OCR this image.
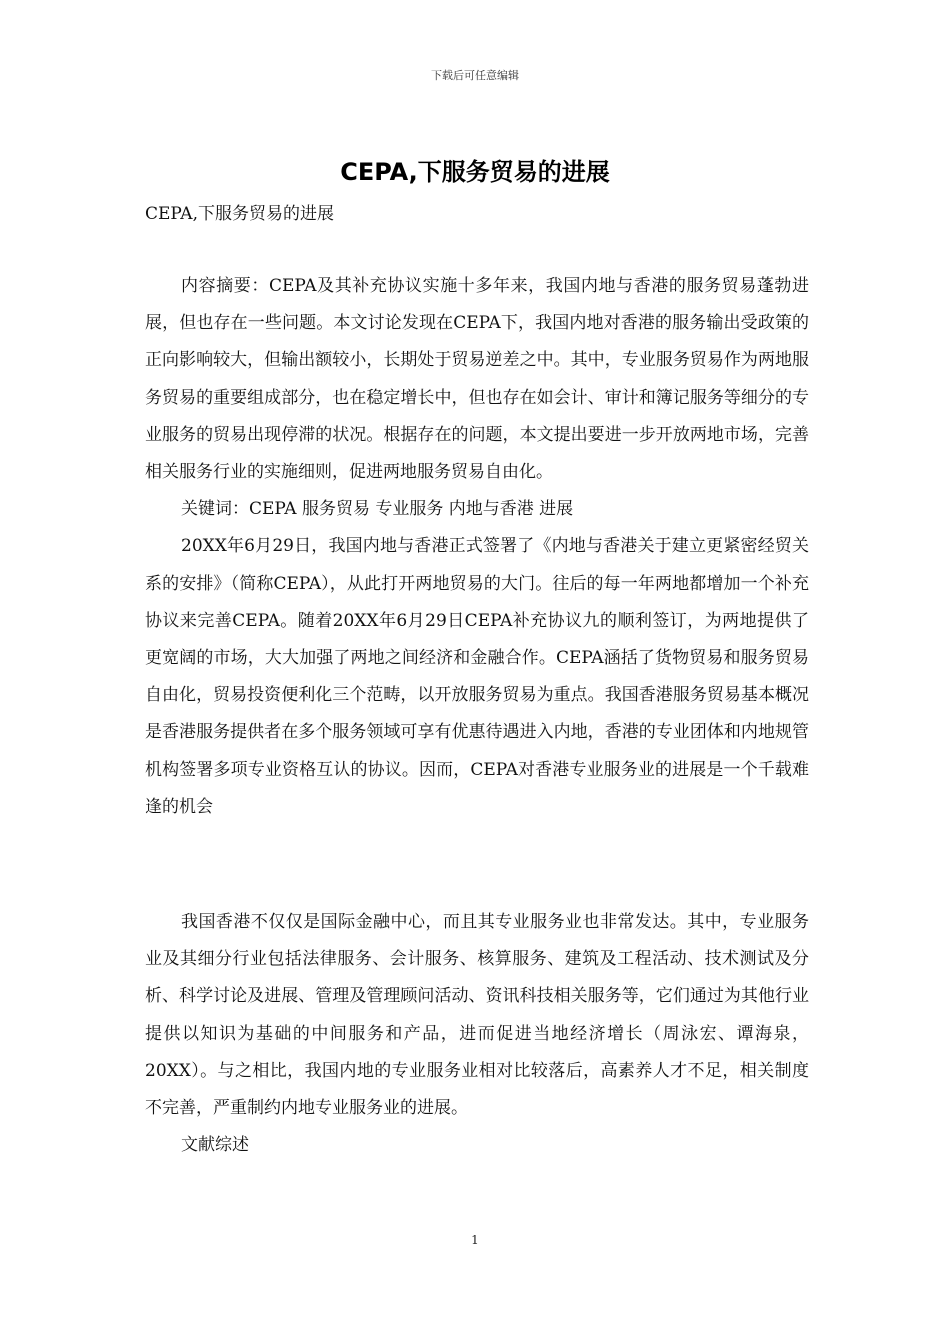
下载后可任意编辑
CEPA,下服务贸易的进展
CEPA,下服务贸易的进展

内容摘要：CEPA及其补充协议实施十多年来，我国内地与香港的服务贸易蓬勃进展，但也存在一些问题。本文讨论发现在CEPA下，我国内地对香港的服务输出受政策的正向影响较大，但输出额较小，长期处于贸易逆差之中。其中，专业服务贸易作为两地服务贸易的重要组成部分，也在稳定增长中，但也存在如会计、审计和簿记服务等细分的专业服务的贸易出现停滞的状况。根据存在的问题，本文提出要进一步开放两地市场，完善相关服务行业的实施细则，促进两地服务贸易自由化。

关键词：CEPA 服务贸易 专业服务 内地与香港 进展

20XX年6月29日，我国内地与香港正式签署了《内地与香港关于建立更紧密经贸关系的安排》（简称CEPA），从此打开两地贸易的大门。往后的每一年两地都增加一个补充协议来完善CEPA。随着20XX年6月29日CEPA补充协议九的顺利签订，为两地提供了更宽阔的市场，大大加强了两地之间经济和金融合作。CEPA涵括了货物贸易和服务贸易自由化，贸易投资便利化三个范畴，以开放服务贸易为重点。我国香港服务贸易基本概况是香港服务提供者在多个服务领域可享有优惠待遇进入内地，香港的专业团体和内地规管机构签署多项专业资格互认的协议。因而，CEPA对香港专业服务业的进展是一个千载难逢的机会

我国香港不仅仅是国际金融中心，而且其专业服务业也非常发达。其中，专业服务业及其细分行业包括法律服务、会计服务、核算服务、建筑及工程活动、技术测试及分析、科学讨论及进展、管理及管理顾问活动、资讯科技相关服务等，它们通过为其他行业提供以知识为基础的中间服务和产品，进而促进当地经济增长（周泳宏、谭海泉，20XX）。与之相比，我国内地的专业服务业相对比较落后，高素养人才不足，相关制度不完善，严重制约内地专业服务业的进展。

文献综述

1
